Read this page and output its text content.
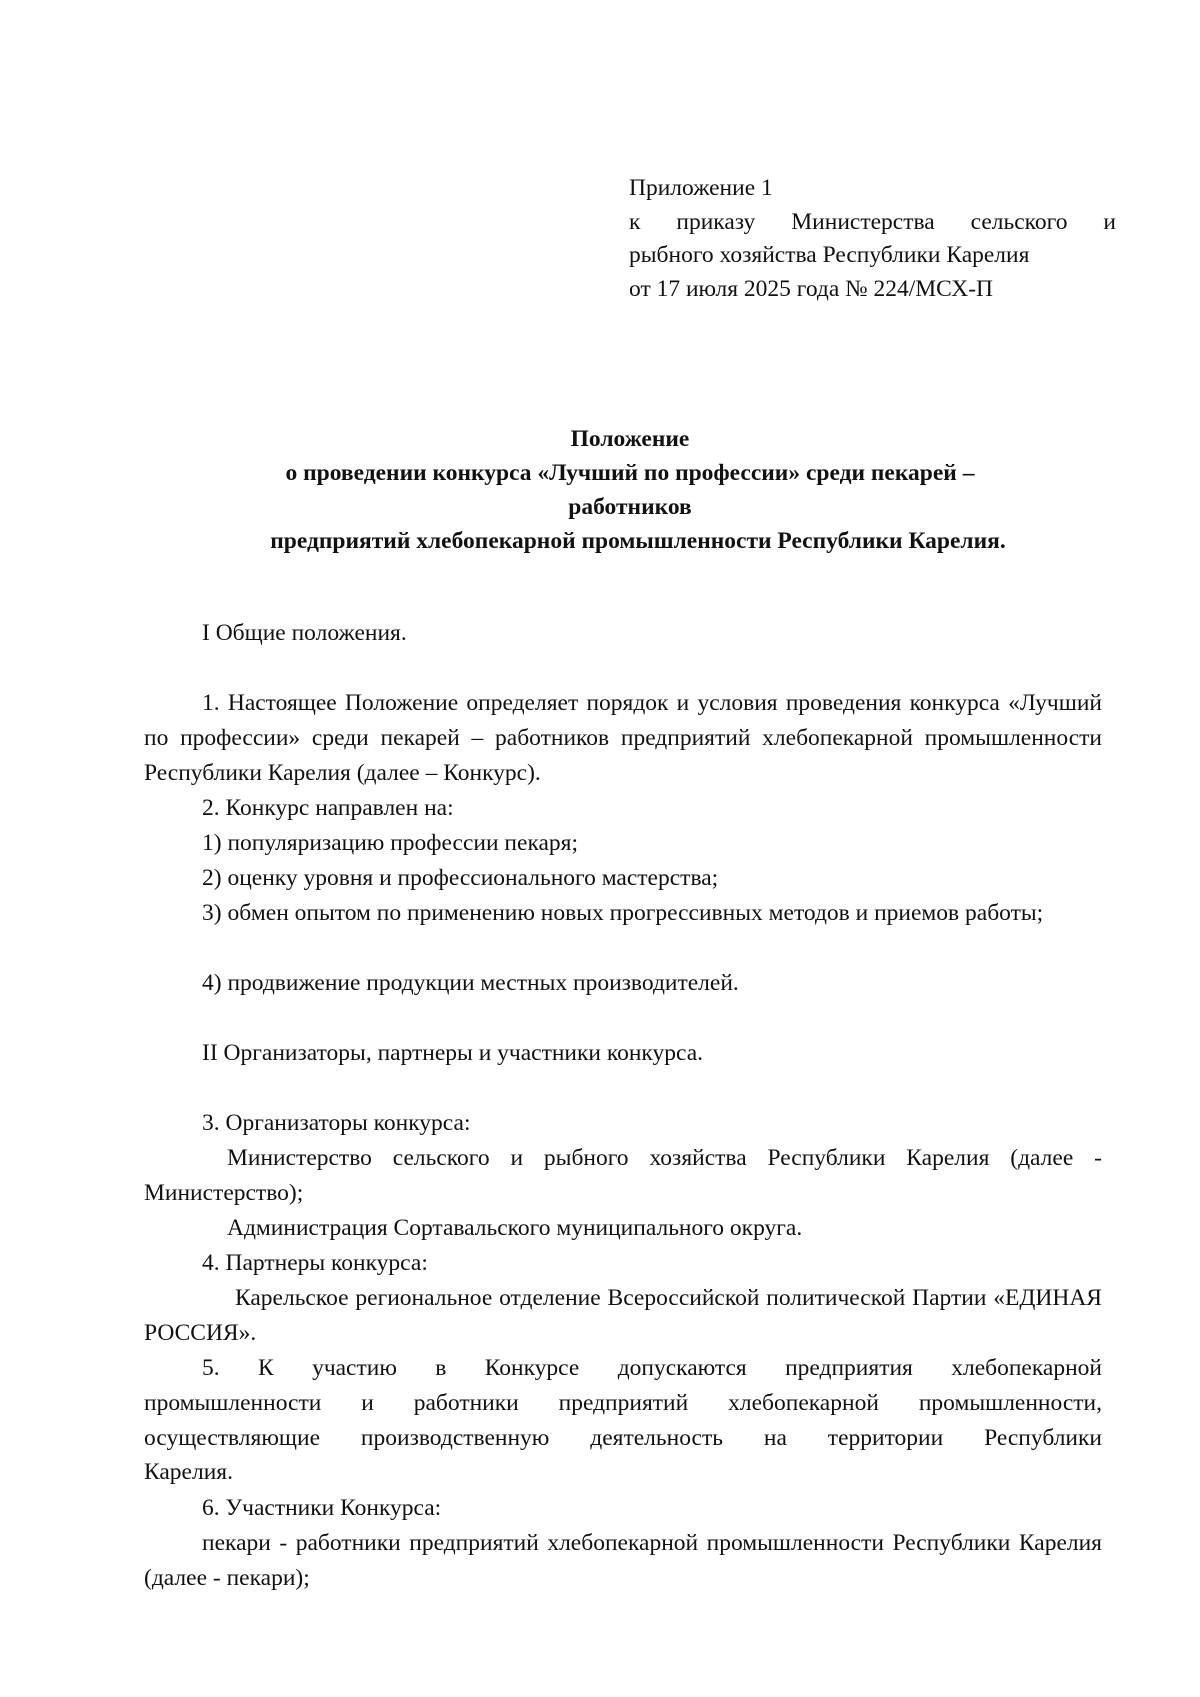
Приложение 1
к приказу Министерства сельского и
рыбного хозяйства Республики Карелия
от 17 июля 2025 года № 224/МСХ-П
Положение
о проведении конкурса «Лучший по профессии» среди пекарей –
работников
предприятий хлебопекарной промышленности Республики Карелия.

I Общие положения.

1. Настоящее Положение определяет порядок и условия проведения конкурса «Лучший по профессии» среди пекарей – работников предприятий хлебопекарной промышленности Республики Карелия (далее – Конкурс).

2. Конкурс направлен на:

1) популяризацию профессии пекаря;

2) оценку уровня и профессионального мастерства;

3) обмен опытом по применению новых прогрессивных методов и приемов работы;

4) продвижение продукции местных производителей.

II Организаторы, партнеры и участники конкурса.

3. Организаторы конкурса:

Министерство сельского и рыбного хозяйства Республики Карелия (далее - Министерство);

Администрация Сортавальского муниципального округа.

4. Партнеры конкурса:

Карельское региональное отделение Всероссийской политической Партии «ЕДИНАЯ РОССИЯ».

5. К участию в Конкурсе допускаются предприятия хлебопекарной промышленности и работники предприятий хлебопекарной промышленности, осуществляющие производственную деятельность на территории Республики Карелия.

6. Участники Конкурса:

пекари - работники предприятий хлебопекарной промышленности Республики Карелия (далее - пекари);
